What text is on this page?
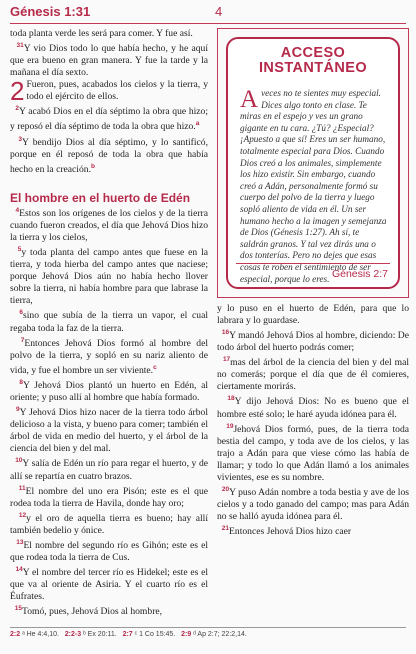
Génesis 1:31	4

toda planta verde les será para comer. Y fue así.

$^{31}$Y vio Dios todo lo que había hecho, y he aquí que era bueno en gran manera. Y fue la tarde y la mañana el día sexto.

2 Fueron, pues, acabados los cielos y la tierra, y todo el ejército de ellos.

$^2$Y acabó Dios en el día séptimo la obra que hizo; y reposó el día séptimo de toda la obra que hizo.$^a$

$^3$Y bendijo Dios al día séptimo, y lo santificó, porque en él reposó de toda la obra que había hecho en la creación.$^b$

El hombre en el huerto de Edén

$^4$Estos son los orígenes de los cielos y de la tierra cuando fueron creados, el día que Jehová Dios hizo la tierra y los cielos,

$^5$y toda planta del campo antes que fuese en la tierra, y toda hierba del campo antes que naciese; porque Jehová Dios aún no había hecho llover sobre la tierra, ni había hombre para que labrase la tierra,

$^6$sino que subía de la tierra un vapor, el cual regaba toda la faz de la tierra.

$^7$Entonces Jehová Dios formó al hombre del polvo de la tierra, y sopló en su nariz aliento de vida, y fue el hombre un ser viviente.$^c$

$^8$Y Jehová Dios plantó un huerto en Edén, al oriente; y puso allí al hombre que había formado.

$^9$Y Jehová Dios hizo nacer de la tierra todo árbol delicioso a la vista, y bueno para comer; también el árbol de vida en medio del huerto, y el árbol de la ciencia del bien y del mal.

$^{10}$Y salía de Edén un río para regar el huerto, y de allí se repartía en cuatro brazos.

$^{11}$El nombre del uno era Pisón; este es el que rodea toda la tierra de Havila, donde hay oro;

$^{12}$y el oro de aquella tierra es bueno; hay allí también bedelio y ónice.

$^{13}$El nombre del segundo río es Gihón; este es el que rodea toda la tierra de Cus.

$^{14}$Y el nombre del tercer río es Hidekel; este es el que va al oriente de Asiria. Y el cuarto río es el Éufrates.

$^{15}$Tomó, pues, Jehová Dios al hombre,

ACCESO
INSTANTÁNEO
Aveces no te sientes muy especial. Dices algo tonto en clase. Te miras en el espejo y ves un grano gigante en tu cara. ¿Tú? ¿Especial? ¡Apuesto a que sí! Eres un ser humano, totalmente especial para Dios. Cuando Dios creó a los animales, simplemente los hizo existir. Sin embargo, cuando creó a Adán, personalmente formó su cuerpo del polvo de la tierra y luego sopló aliento de vida en él. Un ser humano hecho a la imagen y semejanza de Dios (Génesis 1:27). Ah sí, te saldrán granos. Y tal vez dirás una o dos tonterías. Pero no dejes que esas cosas te roben el sentimiento de ser especial, porque lo eres. Génesis 2:7

y lo puso en el huerto de Edén, para que lo labrara y lo guardase.

$^{16}$Y mandó Jehová Dios al hombre, diciendo: De todo árbol del huerto podrás comer;

$^{17}$mas del árbol de la ciencia del bien y del mal no comerás; porque el día que de él comieres, ciertamente morirás.

$^{18}$Y dijo Jehová Dios: No es bueno que el hombre esté solo; le haré ayuda idónea para él.

$^{19}$Jehová Dios formó, pues, de la tierra toda bestia del campo, y toda ave de los cielos, y las trajo a Adán para que viese cómo las había de llamar; y todo lo que Adán llamó a los animales vivientes, ese es su nombre.

$^{20}$Y puso Adán nombre a toda bestia y ave de los cielos y a todo ganado del campo; mas para Adán no se halló ayuda idónea para él.

$^{21}$Entonces Jehová Dios hizo caer

2:2 ᵃ He 4:4,10. 2:2-3 ᵇ Ex 20:11. 2:7 ᶜ 1 Co 15:45. 2:9 ᵈ Ap 2:7; 22:2,14.
